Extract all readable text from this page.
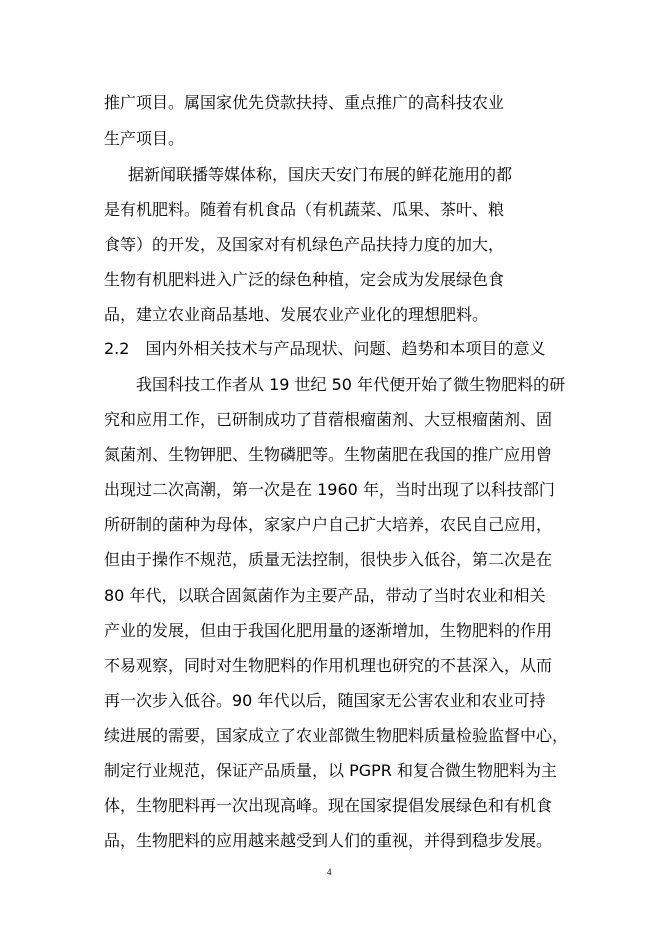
推广项目。属国家优先贷款扶持、重点推广的高科技农业
生产项目。
据新闻联播等媒体称，国庆天安门布展的鲜花施用的都
是有机肥料。随着有机食品（有机蔬菜、瓜果、茶叶、粮
食等）的开发，及国家对有机绿色产品扶持力度的加大，
生物有机肥料进入广泛的绿色种植，定会成为发展绿色食
品，建立农业商品基地、发展农业产业化的理想肥料。
2.2　国内外相关技术与产品现状、问题、趋势和本项目的意义
我国科技工作者从 19 世纪 50 年代便开始了微生物肥料的研
究和应用工作，已研制成功了苜蓿根瘤菌剂、大豆根瘤菌剂、固
氮菌剂、生物钾肥、生物磷肥等。生物菌肥在我国的推广应用曾
出现过二次高潮，第一次是在 1960 年，当时出现了以科技部门
所研制的菌种为母体，家家户户自己扩大培养，农民自己应用，
但由于操作不规范，质量无法控制，很快步入低谷，第二次是在
80 年代，以联合固氮菌作为主要产品，带动了当时农业和相关
产业的发展，但由于我国化肥用量的逐渐增加，生物肥料的作用
不易观察，同时对生物肥料的作用机理也研究的不甚深入，从而
再一次步入低谷。90 年代以后，随国家无公害农业和农业可持
续进展的需要，国家成立了农业部微生物肥料质量检验监督中心，
制定行业规范，保证产品质量，以 PGPR 和复合微生物肥料为主
体，生物肥料再一次出现高峰。现在国家提倡发展绿色和有机食
品，生物肥料的应用越来越受到人们的重视，并得到稳步发展。
4
